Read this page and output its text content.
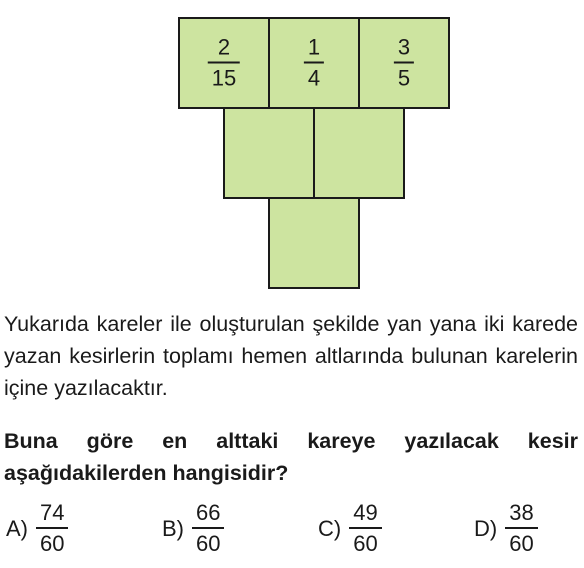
2
15
1
4
3
5

Yukarıda kareler ile oluşturulan şekilde yan yana iki karede yazan kesirlerin toplamı hemen altlarında bulunan karelerin içine yazılacaktır.

Buna göre en alttaki kareye yazılacak kesir aşağıdakilerden hangisidir?

$A) \frac{74}{60}$	$B) \frac{66}{60}$	$C) \frac{49}{60}$	$D) \frac{38}{60}$
